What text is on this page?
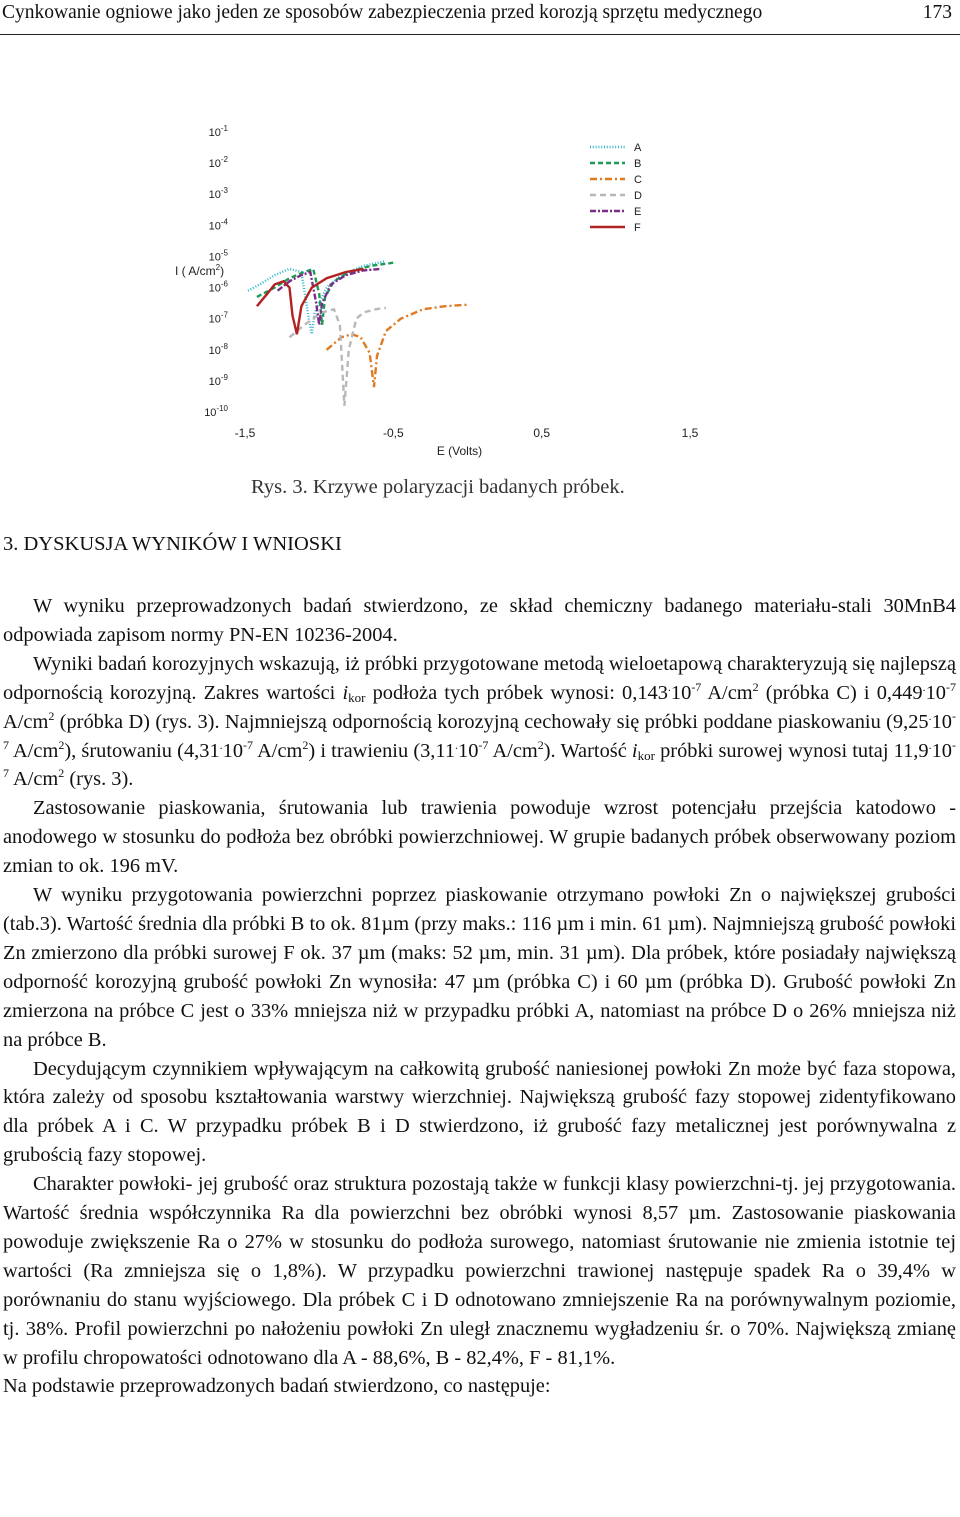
Cynkowanie ogniowe jako jeden ze sposobów zabezpieczenia przed korozją sprzętu medycznego	173
$10^{-1}$
$10^{-2}$
$10^{-3}$
$10^{-4}$
$10^{-5}$
$10^{-6}$
$10^{-7}$
$10^{-8}$
$10^{-9}$
$10^{-10}$
-1,5	-0,5	0,5	1,5
E (Volts)
I ( $A/cm^2$)
A
B
C
D
E
F
Rys. 3. Krzywe polaryzacji badanych próbek.
3. DYSKUSJA WYNIKÓW I WNIOSKI

W wyniku przeprowadzonych badań stwierdzono, ze skład chemiczny badanego materiału-stali 30MnB4 odpowiada zapisom normy PN-EN 10236-2004.

Wyniki badań korozyjnych wskazują, iż próbki przygotowane metodą wieloetapową charakteryzują się najlepszą odpornością korozyjną. Zakres wartości $i_{kor}$ podłoża tych próbek wynosi: $0,143^.10^{-7}$ $A/cm^2$ (próbka C) i $0,449^.10^{-7}$ $A/cm^2$ (próbka D) (rys. 3). Najmniejszą odpornością korozyjną cechowały się próbki poddane piaskowaniu ($9,25^.10^{-7}$ $A/cm^2$), śrutowaniu ($4,31^.10^{-7}$ $A/cm^2$) i trawieniu ($3,11^.10^{-7}$ $A/cm^2$). Wartość $i_{kor}$ próbki surowej wynosi tutaj $11,9^.10^{-7}$ $A/cm^2$ (rys. 3).

Zastosowanie piaskowania, śrutowania lub trawienia powoduje wzrost potencjału przejścia katodowo - anodowego w stosunku do podłoża bez obróbki powierzchniowej. W grupie badanych próbek obserwowany poziom zmian to ok. 196 mV.

W wyniku przygotowania powierzchni poprzez piaskowanie otrzymano powłoki Zn o największej grubości (tab.3). Wartość średnia dla próbki B to ok. 81µm (przy maks.: 116 µm i min. 61 µm). Najmniejszą grubość powłoki Zn zmierzono dla próbki surowej F ok. 37 µm (maks: 52 µm, min. 31 µm). Dla próbek, które posiadały największą odporność korozyjną grubość powłoki Zn wynosiła: 47 µm (próbka C) i 60 µm (próbka D). Grubość powłoki Zn zmierzona na próbce C jest o 33% mniejsza niż w przypadku próbki A, natomiast na próbce D o 26% mniejsza niż na próbce B.

Decydującym czynnikiem wpływającym na całkowitą grubość naniesionej powłoki Zn może być faza stopowa, która zależy od sposobu kształtowania warstwy wierzchniej. Największą grubość fazy stopowej zidentyfikowano dla próbek A i C. W przypadku próbek B i D stwierdzono, iż grubość fazy metalicznej jest porównywalna z grubością fazy stopowej.

Charakter powłoki- jej grubość oraz struktura pozostają także w funkcji klasy powierzchni-tj. jej przygotowania. Wartość średnia współczynnika Ra dla powierzchni bez obróbki wynosi 8,57 µm. Zastosowanie piaskowania powoduje zwiększenie Ra o 27% w stosunku do podłoża surowego, natomiast śrutowanie nie zmienia istotnie tej wartości (Ra zmniejsza się o 1,8%). W przypadku powierzchni trawionej następuje spadek Ra o 39,4% w porównaniu do stanu wyjściowego. Dla próbek C i D odnotowano zmniejszenie Ra na porównywalnym poziomie, tj. 38%. Profil powierzchni po nałożeniu powłoki Zn uległ znacznemu wygładzeniu śr. o 70%. Największą zmianę w profilu chropowatości odnotowano dla A - 88,6%, B - 82,4%, F - 81,1%.

Na podstawie przeprowadzonych badań stwierdzono, co następuje:
